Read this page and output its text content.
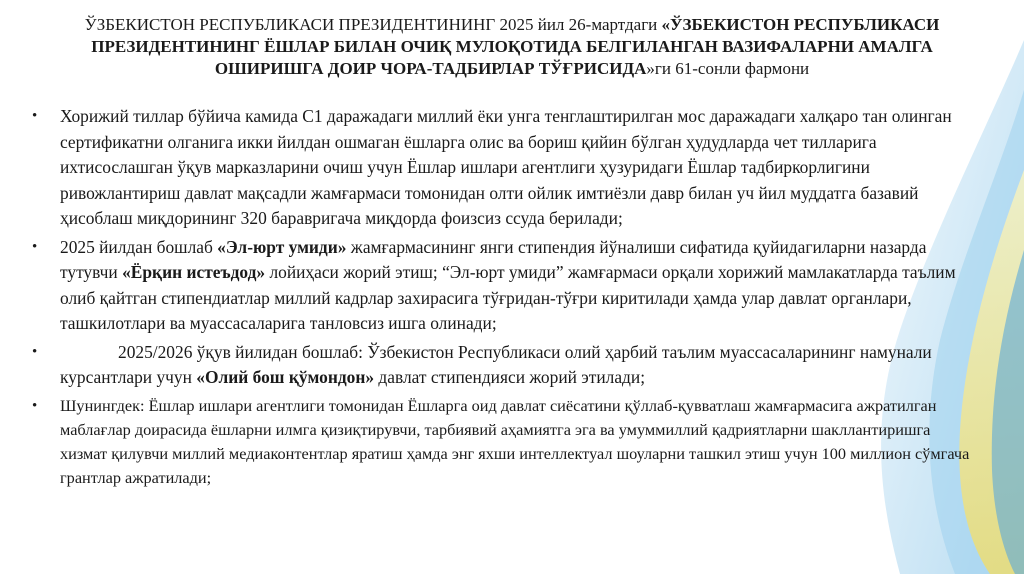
ЎЗБЕКИСТОН РЕСПУБЛИКАСИ ПРЕЗИДЕНТИНИНГ 2025 йил 26-мартдаги «ЎЗБЕКИСТОН РЕСПУБЛИКАСИ ПРЕЗИДЕНТИНИНГ ЁШЛАР БИЛАН ОЧИҚ МУЛОҚОТИДА БЕЛГИЛАНГАН ВАЗИФАЛАРНИ АМАЛГА ОШИРИШГА ДОИР ЧОРА-ТАДБИРЛАР ТЎҒРИСИДА»ги 61-сонли фармони
• Хорижий тиллар бўйича камида С1 даражадаги миллий ёки унга тенглаштирилган мос даражадаги халқаро тан олинган сертификатни олганига икки йилдан ошмаган ёшларга олис ва бориш қийин бўлган ҳудудларда чет тилларига ихтисослашган ўқув марказларини очиш учун Ёшлар ишлари агентлиги ҳузуридаги Ёшлар тадбиркорлигини ривожлантириш давлат мақсадли жамғармаси томонидан олти ойлик имтиёзли давр билан уч йил муддатга базавий ҳисоблаш миқдорининг 320 баравригача миқдорда фоизсиз ссуда берилади;
• 2025 йилдан бошлаб «Эл-юрт умиди» жамғармасининг янги стипендия йўналиши сифатида қуйидагиларни назарда тутувчи «Ёрқин истеъдод» лойиҳаси жорий этиш; “Эл-юрт умиди” жамғармаси орқали хорижий мамлакатларда таълим олиб қайтган стипендиатлар миллий кадрлар захирасига тўғридан-тўғри киритилади ҳамда улар давлат органлари, ташкилотлари ва муассасаларига танловсиз ишга олинади;
•	2025/2026 ўқув йилидан бошлаб: Ўзбекистон Республикаси олий ҳарбий таълим муассасаларининг намунали курсантлари учун «Олий бош қўмондон» давлат стипендияси жорий этилади;
• Шунингдек: Ёшлар ишлари агентлиги томонидан Ёшларга оид давлат сиёсатини қўллаб-қувватлаш жамғармасига ажратилган маблағлар доирасида ёшларни илмга қизиқтирувчи, тарбиявий аҳамиятга эга ва умуммиллий қадриятларни шакллантиришга хизмат қилувчи миллий медиаконтентлар яратиш ҳамда энг яхши интеллектуал шоуларни ташкил этиш учун 100 миллион сўмгача грантлар ажратилади;
